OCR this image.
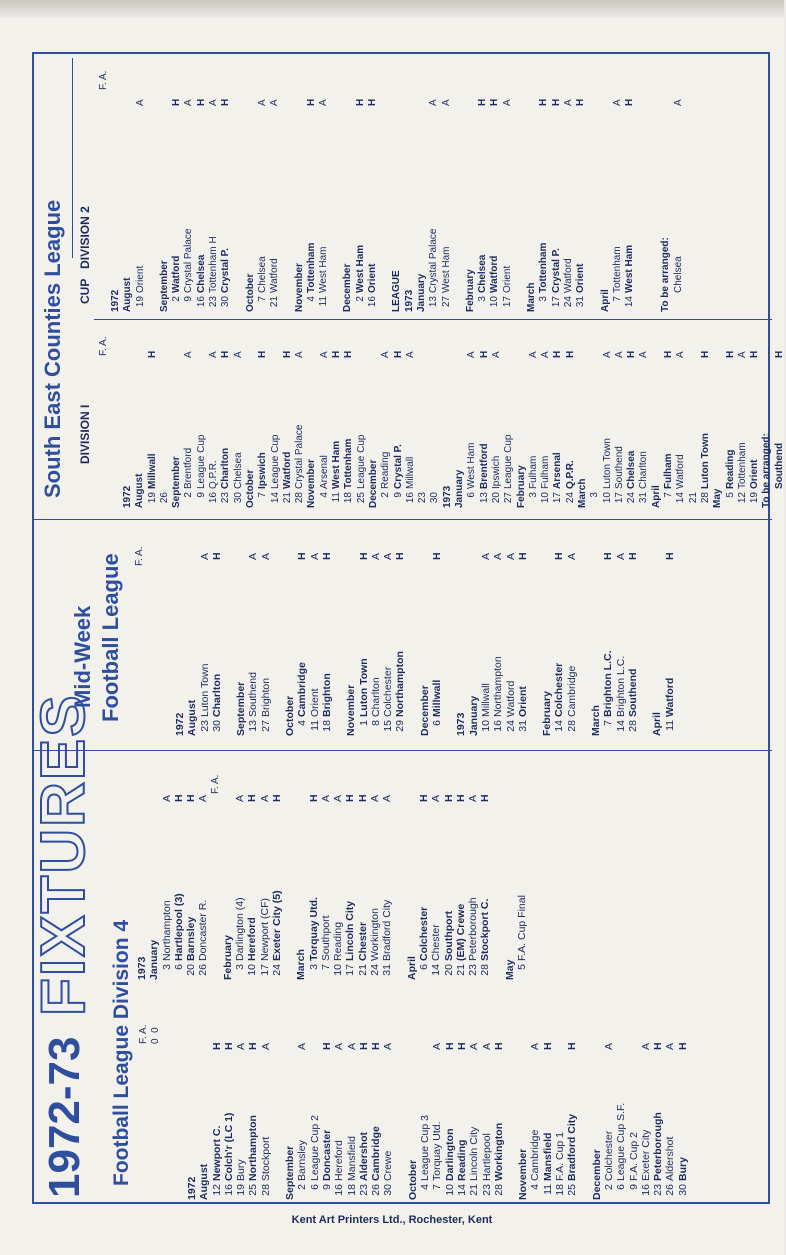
1972-73
FIXTURES
Football League Division 4 F. A. 0  0
1972 August 12Newport C.
H
16Colch'r (LC 1)
H
19Bury
A
25Northampton
H
28Stockport
A
September 2Barnsley
A
6League Cup 2
9Doncaster
H
16Hereford
A
18Mansfield
A
23Aldershot
H
26Cambridge
H
30Crewe
A
October 4League Cup 3
7Torquay Utd.
A
10Darlington
H
14Reading
H
21Lincoln City
A
23Hartlepool
A
28Workington
H
November 4Cambridge
A
11Mansfield
H
18F.A. Cup 1
25Bradford City
H
December 2Colchester
A
6League Cup S.F.
9F.A. Cup 2
16Exeter City
A
23Peterborough
H
26Aldershot
A
30Bury
H
F. A.
1973 January 3Northampton
A
6Hartlepool (3)
H
20Barnsley
H
26Doncaster R.
A
February 3Darlington (4)
A
10Hereford
H
17Newport (CF)
A
24Exeter City (5)
H
March 3Torquay Utd.
H
7Southport
A
10Reading
A
17Lincoln City
H
21Chester
H
24Workington
A
31Bradford City
A
April 6Colchester
H
14Chester
A
20Southport
H
21(EM) Crewe
H
23Peterborough
A
28Stockport C.
H
May 5F.A. Cup Final
Mid-Week Football League F. A.
1972 August 23Luton Town
A
30Charlton
H
September 13Southend
A
27Brighton
A
October 4Cambridge
H
11Orient
A
18Brighton
H
November 1Luton Town
H
8Charlton
A
15Colchester
A
29Northampton
H
December 6Millwall
H
1973 January 10Millwall
A
16Northampton
A
24Watford
A
31Orient
H
February 14Colchester
H
28Cambridge
A
March 7Brighton L.C.
H
14Brighton L.C.
A
28Southend
H
April 11Watford
H
South East Counties League DIVISION I
F. A.
1972 August 19Millwall
H
26 September 2Brentford
A
9League Cup
16Q.P.R.
A
23Charlton
H
30Chelsea
A
October 7Ipswich
H
14League Cup
21Watford
H
28Crystal Palace
A
November 4Arsenal
A
11West Ham
H
18Tottenham
H
25League Cup December 2Reading
A
9Crystal P.
H
16Millwall
A
23 30 1973 January 6West Ham
A
13Brentford
H
20Ipswich
A
27League Cup February 3Fulham
A
10Fulham
A
17Arsenal
H
24Q.P.R.
H
March 3 10Luton Town
A
17Southend
A
24Chelsea
H
31Charlton
A
April 7Fulham
H
14Watford
A
21 28Luton Town
H
May 5Reading
H
12Tottenham
A
19Orient
H
To be arranged: Southend
H
CUP   DIVISION 2
F. A.
1972 August 19Orient
A
September 2Watford
H
9Crystal Palace
A
16Chelsea
H
23Tottenham H
A
30Crystal P.
H
October 7Chelsea
A
21Watford
A
November 4Tottenham
H
11West Ham
A
December 2West Ham
H
16Orient
H
LEAGUE 1973 January 13Crystal Palace
A
27West Ham
A
February 3Chelsea
H
10Watford
H
17Orient
A
March 3Tottenham
H
17Crystal P.
H
24Watford
A
31Orient
H
April 7Tottenham
A
14West Ham
H
To be arranged: Chelsea
A
Kent Art Printers Ltd., Rochester, Kent
